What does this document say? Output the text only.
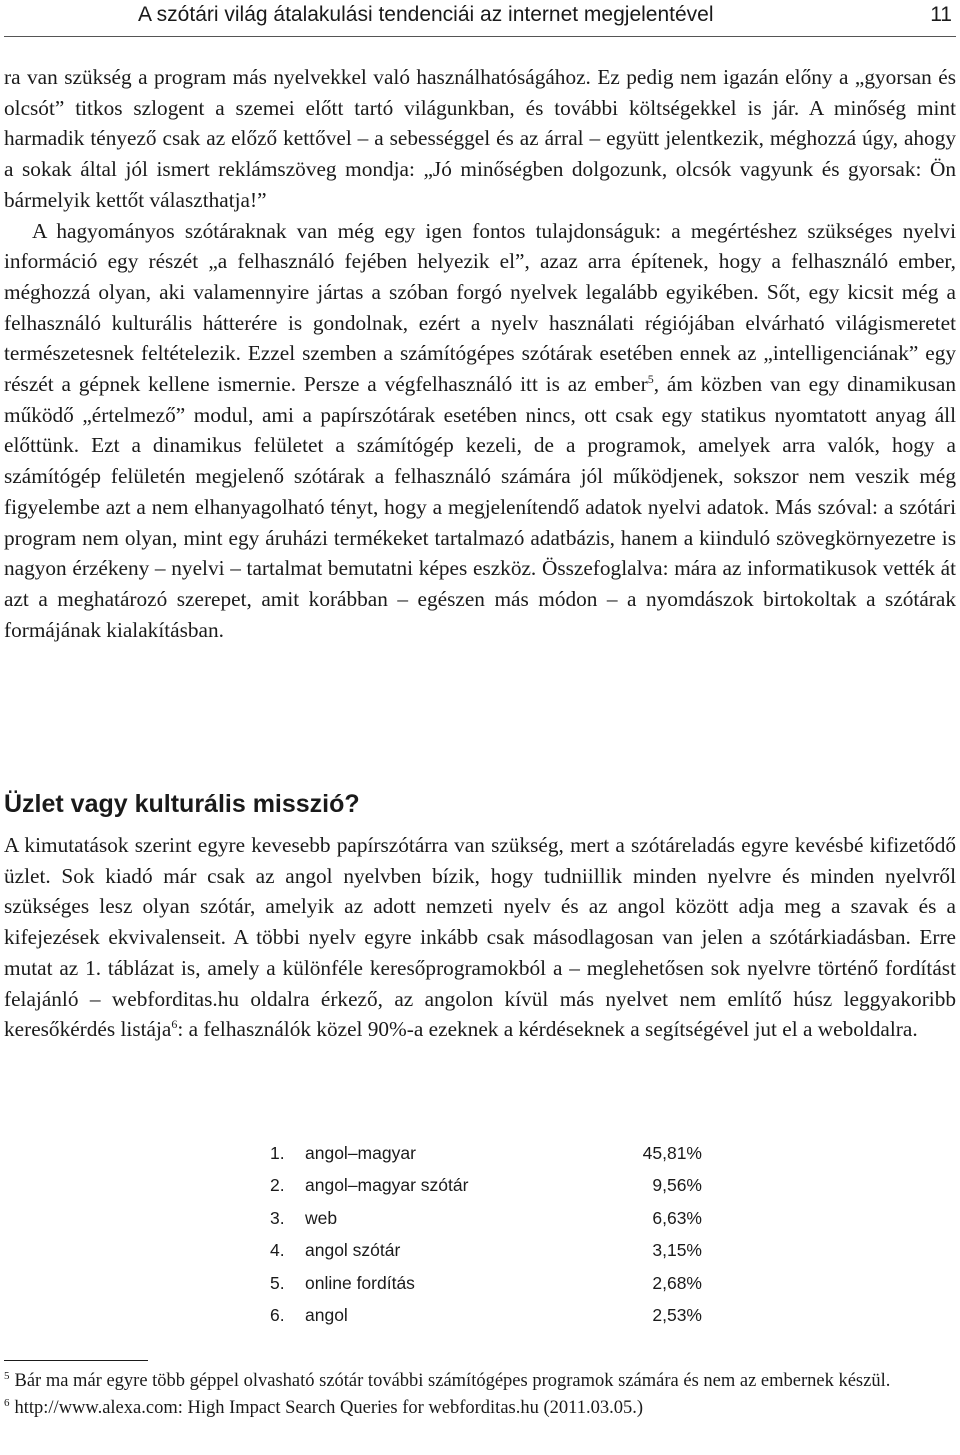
A szótári világ átalakulási tendenciái az internet megjelentével	11

ra van szükség a program más nyelvekkel való használhatóságához. Ez pedig nem igazán előny a „gyorsan és olcsót” titkos szlogent a szemei előtt tartó világunkban, és további költségekkel is jár. A minőség mint harmadik tényező csak az előző kettővel – a sebességgel és az árral – együtt jelentkezik, méghozzá úgy, ahogy a sokak által jól ismert reklámszöveg mondja: „Jó minőségben dolgozunk, olcsók vagyunk és gyorsak: Ön bármelyik kettőt választhatja!”

A hagyományos szótáraknak van még egy igen fontos tulajdonságuk: a megértéshez szükséges nyelvi információ egy részét „a felhasználó fejében helyezik el”, azaz arra építenek, hogy a felhasználó ember, méghozzá olyan, aki valamennyire jártas a szóban forgó nyelvek legalább egyikében. Sőt, egy kicsit még a felhasználó kulturális hátterére is gondolnak, ezért a nyelv használati régiójában elvárható világismeretet természetesnek feltételezik. Ezzel szemben a számítógépes szótárak esetében ennek az „intelligenciának” egy részét a gépnek kellene ismernie. Persze a végfelhasználó itt is az ember$^5$, ám közben van egy dinamikusan működő „értelmező” modul, ami a papírszótárak esetében nincs, ott csak egy statikus nyomtatott anyag áll előttünk. Ezt a dinamikus felületet a számítógép kezeli, de a programok, amelyek arra valók, hogy a számítógép felületén megjelenő szótárak a felhasználó számára jól működjenek, sokszor nem veszik még figyelembe azt a nem elhanyagolható tényt, hogy a megjelenítendő adatok nyelvi adatok. Más szóval: a szótári program nem olyan, mint egy áruházi termékeket tartalmazó adatbázis, hanem a kiinduló szövegkörnyezetre is nagyon érzékeny – nyelvi – tartalmat bemutatni képes eszköz. Összefoglalva: mára az informatikusok vették át azt a meghatározó szerepet, amit korábban – egészen más módon – a nyomdászok birtokoltak a szótárak formájának kialakításban.

Üzlet vagy kulturális misszió?

A kimutatások szerint egyre kevesebb papírszótárra van szükség, mert a szótáreladás egyre kevésbé kifizetődő üzlet. Sok kiadó már csak az angol nyelvben bízik, hogy tudniillik minden nyelvre és minden nyelvről szükséges lesz olyan szótár, amelyik az adott nemzeti nyelv és az angol között adja meg a szavak és a kifejezések ekvivalenseit. A többi nyelv egyre inkább csak másodlagosan van jelen a szótárkiadásban. Erre mutat az 1. táblázat is, amely a különféle keresőprogramokból a – meglehetősen sok nyelvre történő fordítást felajánló – webforditas.hu oldalra érkező, az angolon kívül más nyelvet nem említő húsz leggyakoribb keresőkérdés listája$^6$: a felhasználók közel 90%-a ezeknek a kérdéseknek a segítségével jut el a weboldalra.

1.	angol–magyar	45,81%
2.	angol–magyar szótár	9,56%
3.	web	6,63%
4.	angol szótár	3,15%
5.	online fordítás	2,68%
6.	angol	2,53%

$^5$ Bár ma már egyre több géppel olvasható szótár további számítógépes programok számára és nem az embernek készül.

$^6$ http://www.alexa.com: High Impact Search Queries for webforditas.hu (2011.03.05.)
